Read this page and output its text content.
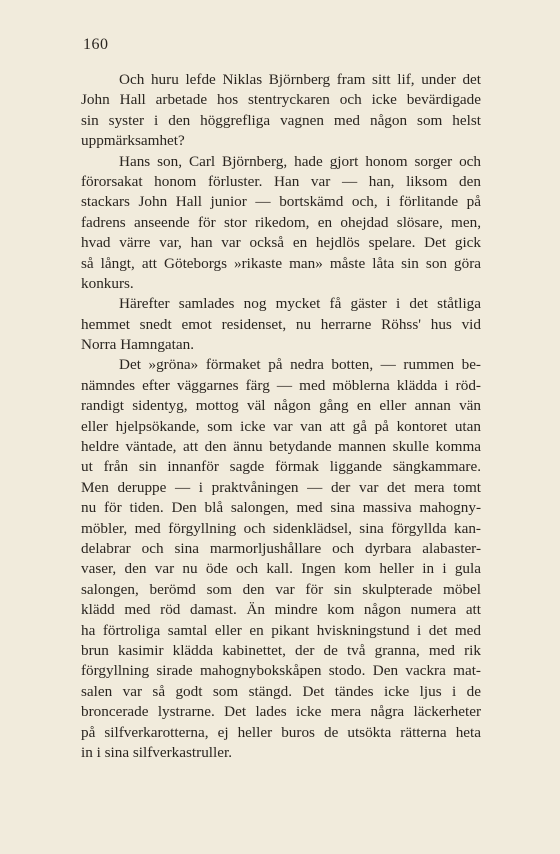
160
Och huru lefde Niklas Björnberg fram sitt lif, under det
John Hall arbetade hos stentryckaren och icke bevärdigade
sin syster i den höggrefliga vagnen med någon som helst
uppmärksamhet?
Hans son, Carl Björnberg, hade gjort honom sorger och
förorsakat honom förluster. Han var — han, liksom den
stackars John Hall junior — bortskämd och, i förlitande på
fadrens anseende för stor rikedom, en ohejdad slösare, men,
hvad värre var, han var också en hejdlös spelare. Det gick
så långt, att Göteborgs »rikaste man» måste låta sin son göra
konkurs.
Härefter samlades nog mycket få gäster i det ståtliga
hemmet snedt emot residenset, nu herrarne Röhss' hus vid
Norra Hamngatan.
Det »gröna» förmaket på nedra botten, — rummen be-
nämndes efter väggarnes färg — med möblerna klädda i röd-
randigt sidentyg, mottog väl någon gång en eller annan vän
eller hjelpsökande, som icke var van att gå på kontoret utan
heldre väntade, att den ännu betydande mannen skulle komma
ut från sin innanför sagde förmak liggande sängkammare.
Men deruppe — i praktvåningen — der var det mera tomt
nu för tiden. Den blå salongen, med sina massiva mahogny-
möbler, med förgyllning och sidenklädsel, sina förgyllda kan-
delabrar och sina marmorljushållare och dyrbara alabaster-
vaser, den var nu öde och kall. Ingen kom heller in i gula
salongen, berömd som den var för sin skulpterade möbel
klädd med röd damast. Än mindre kom någon numera att
ha förtroliga samtal eller en pikant hviskningstund i det med
brun kasimir klädda kabinettet, der de två granna, med rik
förgyllning sirade mahognybokskåpen stodo. Den vackra mat-
salen var så godt som stängd. Det tändes icke ljus i de
broncerade lystrarne. Det lades icke mera några läckerheter
på silfverkarotterna, ej heller buros de utsökta rätterna heta
in i sina silfverkastruller.
